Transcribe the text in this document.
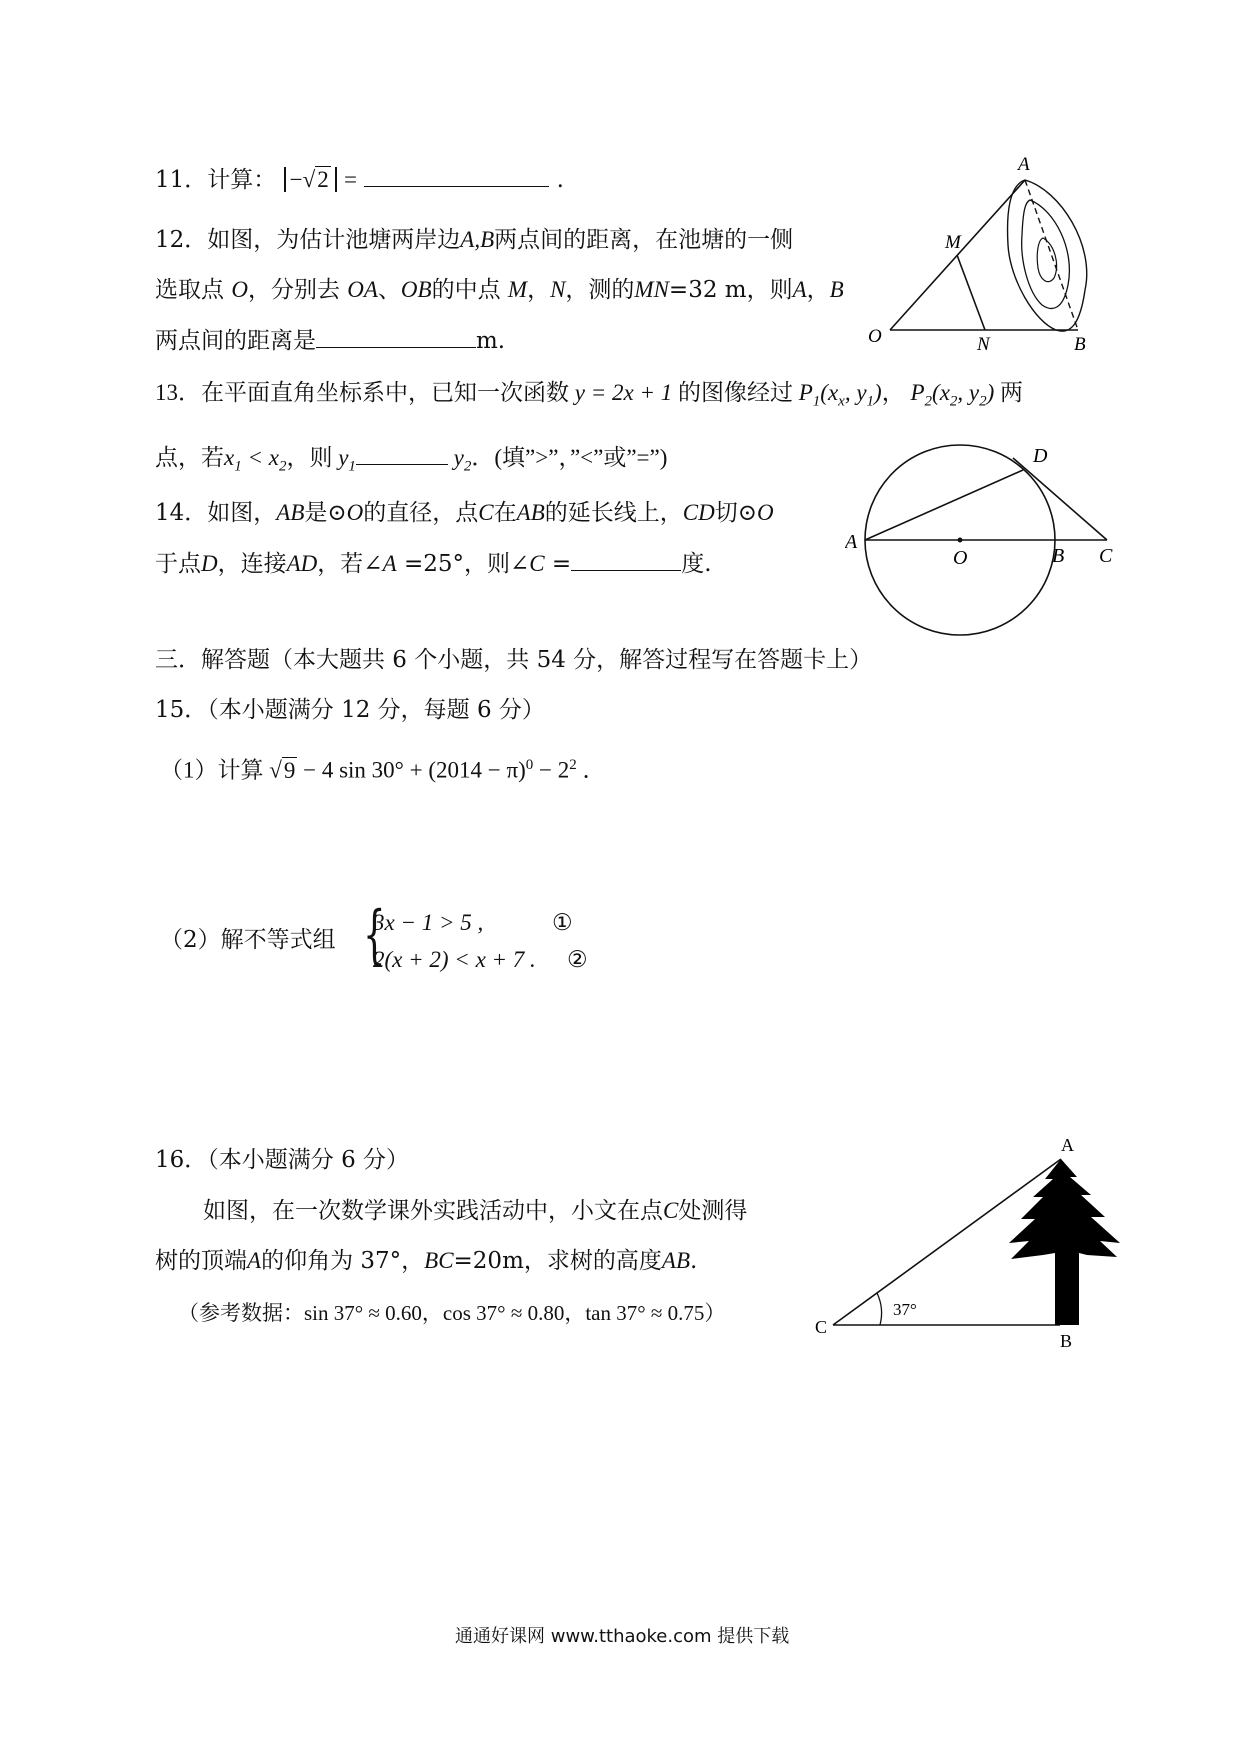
11．计算： −√2 =	.
12．如图，为估计池塘两岸边A,B两点间的距离，在池塘的一侧
选取点 O，分别去 OA、OB的中点 M，N，测的MN=32 m，则A，B
两点间的距离是	m.
A
M
O	N	B
13．在平面直角坐标系中，已知一次函数 y = 2x + 1 的图像经过 $P_1(x_x$, $y_1$)， $P_2(x_2$, $y_2$) 两
点，若$x_1 < x_2$，则 $y_1$	$y_2$．(填”>”，”<”或”=”)	D
A
O	B C
14．如图，AB是⊙O的直径，点C在AB的延长线上，CD切⊙O
于点D，连接AD，若∠A =25°，则∠C =	度.
三．解答题（本大题共 6 个小题，共 54 分，解答过程写在答题卡上）
15．（本小题满分 12 分，每题 6 分）
（1）计算 √9 − 4 $\sin 30^\circ + (2014 - \pi)^0 - 2^2$ ．
（2）解不等式组 {
3x − 1 > 5 ,
2(x + 2) < x + 7 .
①
②
16．（本小题满分 6 分）
如图，在一次数学课外实践活动中，小文在点C处测得
树的顶端A的仰角为 37°，BC=20m，求树的高度AB.
（参考数据：sin 37° ≈ 0.60，cos 37° ≈ 0.80，tan 37° ≈ 0.75）
A
C
B
37°
通通好课网 www.tthaoke.com 提供下载
